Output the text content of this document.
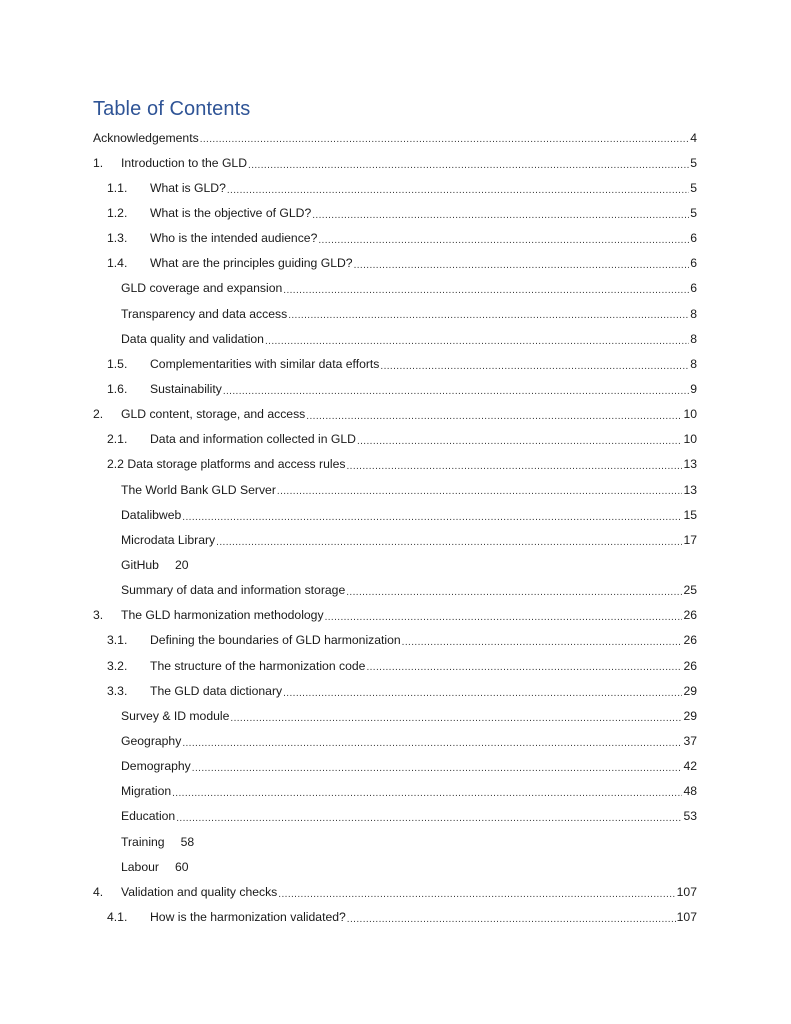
Table of Contents
Acknowledgements .....	4
1.	Introduction to the GLD .....	5
1.1.	What is GLD? .....	5
1.2.	What is the objective of GLD? .....	5
1.3.	Who is the intended audience? .....	6
1.4.	What are the principles guiding GLD? .....	6
GLD coverage and expansion .....	6
Transparency and data access .....	8
Data quality and validation .....	8
1.5.	Complementarities with similar data efforts .....	8
1.6.	Sustainability .....	9
2.	GLD content, storage, and access .....	10
2.1.	Data and information collected in GLD .....	10
2.2 Data storage platforms and access rules .....	13
The World Bank GLD Server .....	13
Datalibweb .....	15
Microdata Library .....	17
GitHub 20
Summary of data and information storage .....	25
3.	The GLD harmonization methodology .....	26
3.1.	Defining the boundaries of GLD harmonization .....	26
3.2.	The structure of the harmonization code .....	26
3.3.	The GLD data dictionary .....	29
Survey & ID module .....	29
Geography .....	37
Demography .....	42
Migration .....	48
Education .....	53
Training 58
Labour 60
4.	Validation and quality checks .....	107
4.1.	How is the harmonization validated? .....	107
